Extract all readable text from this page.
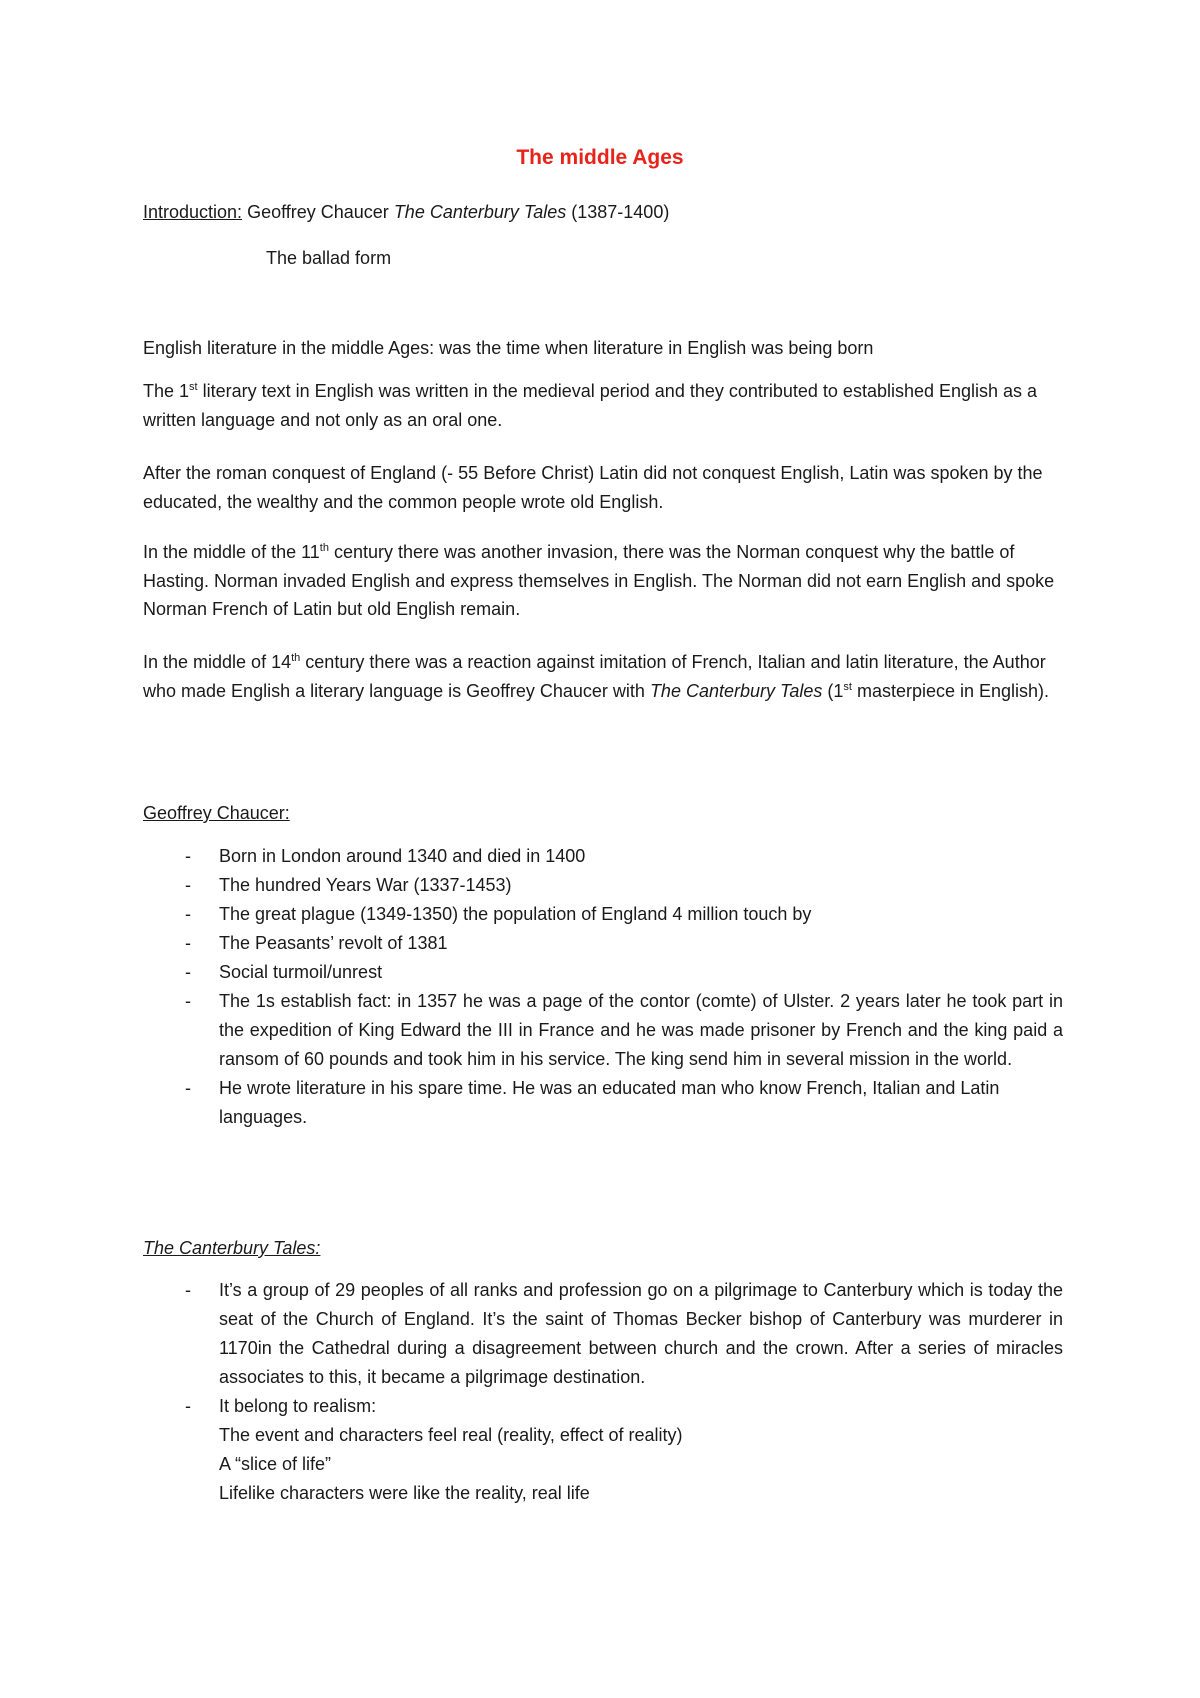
The middle Ages
Introduction: Geoffrey Chaucer The Canterbury Tales (1387-1400)
The ballad form
English literature in the middle Ages: was the time when literature in English was being born

The 1st literary text in English was written in the medieval period and they contributed to established English as a written language and not only as an oral one.

After the roman conquest of England (- 55 Before Christ) Latin did not conquest English, Latin was spoken by the educated, the wealthy and the common people wrote old English.

In the middle of the 11th century there was another invasion, there was the Norman conquest why the battle of Hasting. Norman invaded English and express themselves in English. The Norman did not earn English and spoke Norman French of Latin but old English remain.

In the middle of 14th century there was a reaction against imitation of French, Italian and latin literature, the Author who made English a literary language is Geoffrey Chaucer with The Canterbury Tales (1st masterpiece in English).

Geoffrey Chaucer:
- Born in London around 1340 and died in 1400
- The hundred Years War (1337-1453)
- The great plague (1349-1350) the population of England 4 million touch by
- The Peasants’ revolt of 1381
- Social turmoil/unrest
- The 1s establish fact: in 1357 he was a page of the contor (comte) of Ulster. 2 years later he took part in the expedition of King Edward the III in France and he was made prisoner by French and the king paid a ransom of 60 pounds and took him in his service. The king send him in several mission in the world.
- He wrote literature in his spare time. He was an educated man who know French, Italian and Latin languages.
The Canterbury Tales:
- It’s a group of 29 peoples of all ranks and profession go on a pilgrimage to Canterbury which is today the seat of the Church of England. It’s the saint of Thomas Becker bishop of Canterbury was murderer in 1170in the Cathedral during a disagreement between church and the crown. After a series of miracles associates to this, it became a pilgrimage destination.
- It belong to realism:
The event and characters feel real (reality, effect of reality)
A “slice of life”
Lifelike characters were like the reality, real life
